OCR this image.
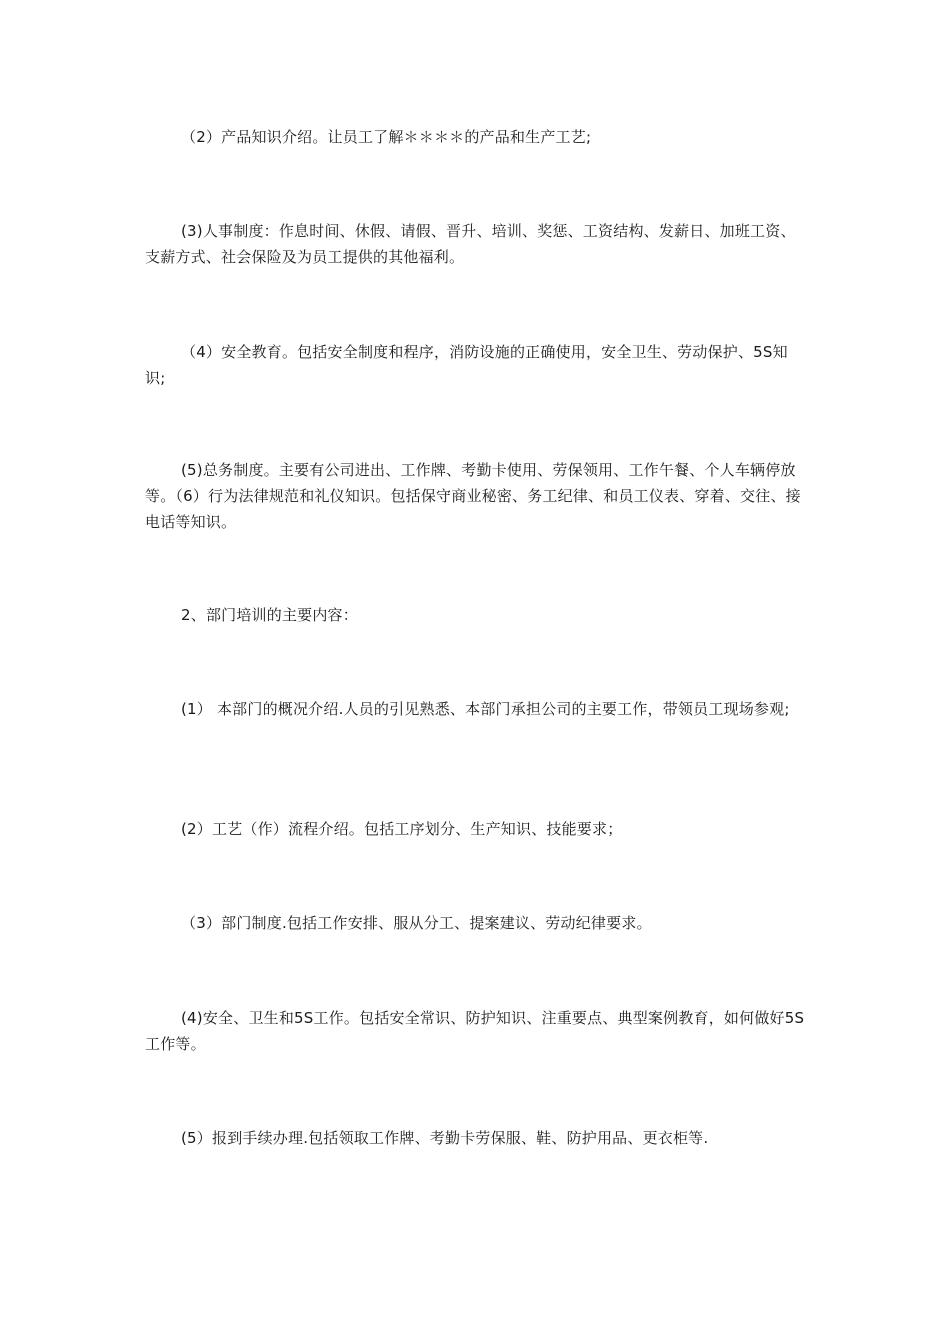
（2）产品知识介绍。让员工了解＊＊＊＊的产品和生产工艺;

(3)人事制度：作息时间、休假、请假、晋升、培训、奖惩、工资结构、发薪日、加班工资、支薪方式、社会保险及为员工提供的其他福利。

（4）安全教育。包括安全制度和程序，消防设施的正确使用，安全卫生、劳动保护、5S知识;

(5)总务制度。主要有公司进出、工作牌、考勤卡使用、劳保领用、工作午餐、个人车辆停放等。（6）行为法律规范和礼仪知识。包括保守商业秘密、务工纪律、和员工仪表、穿着、交往、接电话等知识。

2、部门培训的主要内容：

(1） 本部门的概况介绍.人员的引见熟悉、本部门承担公司的主要工作，带领员工现场参观;

(2）工艺（作）流程介绍。包括工序划分、生产知识、技能要求；

（3）部门制度.包括工作安排、服从分工、提案建议、劳动纪律要求。

(4)安全、卫生和5S工作。包括安全常识、防护知识、注重要点、典型案例教育，如何做好5S工作等。

(5）报到手续办理.包括领取工作牌、考勤卡劳保服、鞋、防护用品、更衣柜等.
